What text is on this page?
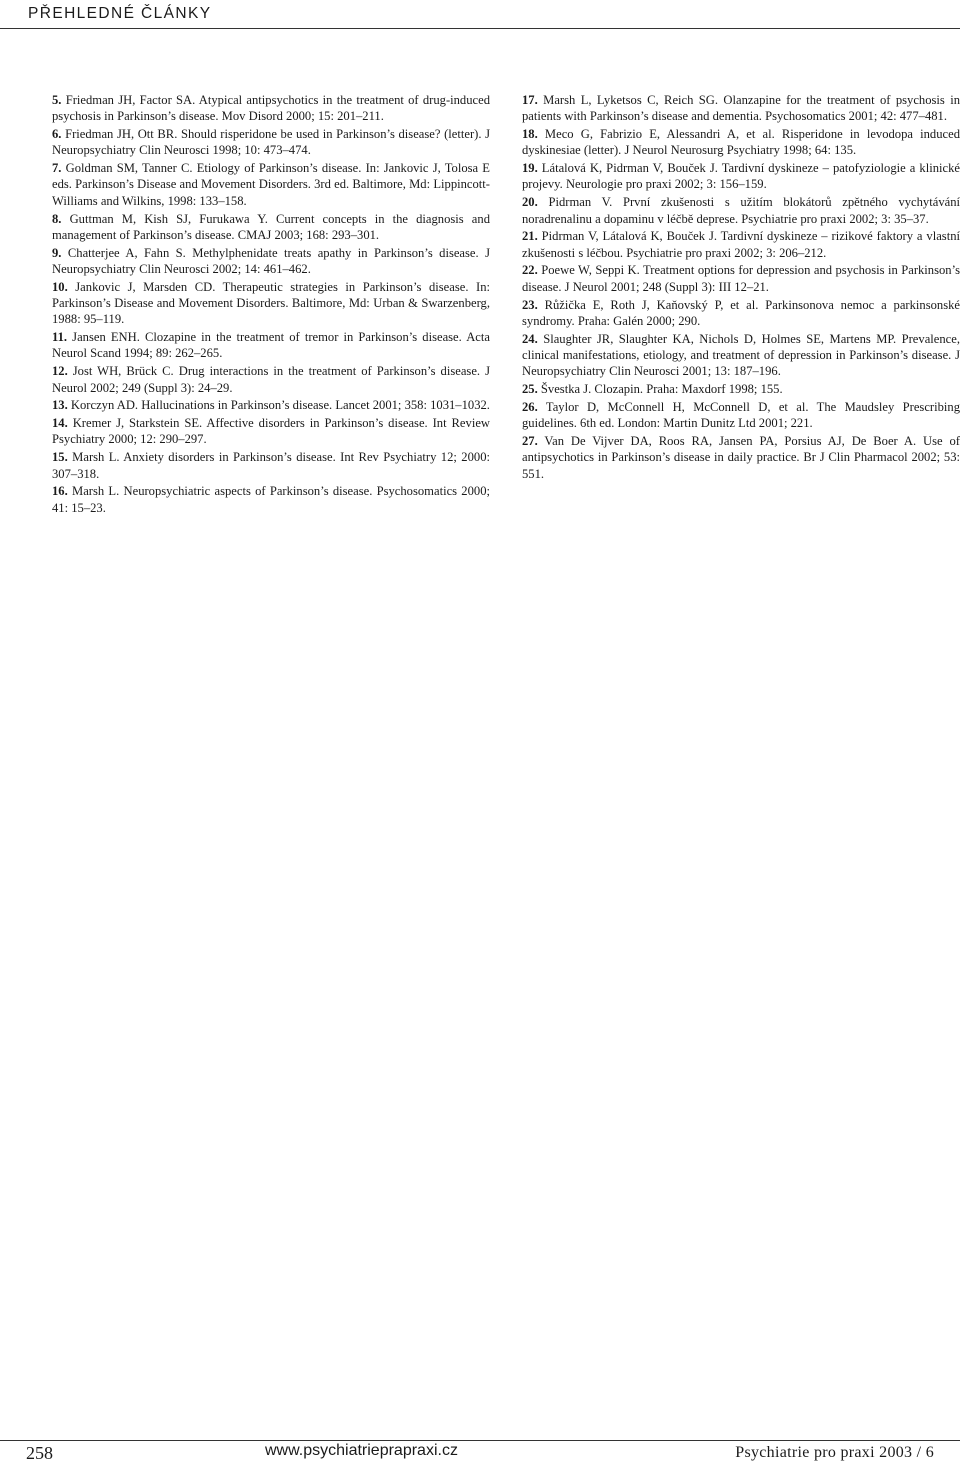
PŘEHLEDNÉ ČLÁNKY

5. Friedman JH, Factor SA. Atypical antipsychotics in the treatment of drug-induced psychosis in Parkinson’s disease. Mov Disord 2000; 15: 201–211.

6. Friedman JH, Ott BR. Should risperidone be used in Parkinson’s disease? (letter). J Neuropsychiatry Clin Neurosci 1998; 10: 473–474.

7. Goldman SM, Tanner C. Etiology of Parkinson’s disease. In: Jankovic J, Tolosa E eds. Parkinson’s Disease and Movement Disorders. 3rd ed. Baltimore, Md: Lippincott-Williams and Wilkins, 1998: 133–158.

8. Guttman M, Kish SJ, Furukawa Y. Current concepts in the diagnosis and management of Parkinson’s disease. CMAJ 2003; 168: 293–301.

9. Chatterjee A, Fahn S. Methylphenidate treats apathy in Parkinson’s disease. J Neuropsychiatry Clin Neurosci 2002; 14: 461–462.

10. Jankovic J, Marsden CD. Therapeutic strategies in Parkinson’s disease. In: Parkinson’s Disease and Movement Disorders. Baltimore, Md: Urban & Swarzenberg, 1988: 95–119.

11. Jansen ENH. Clozapine in the treatment of tremor in Parkinson’s disease. Acta Neurol Scand 1994; 89: 262–265.

12. Jost WH, Brück C. Drug interactions in the treatment of Parkinson’s disease. J Neurol 2002; 249 (Suppl 3): 24–29.

13. Korczyn AD. Hallucinations in Parkinson’s disease. Lancet 2001; 358: 1031–1032.

14. Kremer J, Starkstein SE. Affective disorders in Parkinson’s disease. Int Review Psychiatry 2000; 12: 290–297.

15. Marsh L. Anxiety disorders in Parkinson’s disease. Int Rev Psychiatry 12; 2000: 307–318.

16. Marsh L. Neuropsychiatric aspects of Parkinson’s disease. Psychosomatics 2000; 41: 15–23.

17. Marsh L, Lyketsos C, Reich SG. Olanzapine for the treatment of psychosis in patients with Parkinson’s disease and dementia. Psychosomatics 2001; 42: 477–481.

18. Meco G, Fabrizio E, Alessandri A, et al. Risperidone in levodopa induced dyskinesiae (letter). J Neurol Neurosurg Psychiatry 1998; 64: 135.

19. Látalová K, Pidrman V, Bouček J. Tardivní dyskineze – patofyziologie a klinické projevy. Neurologie pro praxi 2002; 3: 156–159.

20. Pidrman V. První zkušenosti s užitím blokátorů zpětného vychytávání noradrenalinu a dopaminu v léčbě deprese. Psychiatrie pro praxi 2002; 3: 35–37.

21. Pidrman V, Látalová K, Bouček J. Tardivní dyskineze – rizikové faktory a vlastní zkušenosti s léčbou. Psychiatrie pro praxi 2002; 3: 206–212.

22. Poewe W, Seppi K. Treatment options for depression and psychosis in Parkinson’s disease. J Neurol 2001; 248 (Suppl 3): III 12–21.

23. Růžička E, Roth J, Kaňovský P, et al. Parkinsonova nemoc a parkinsonské syndromy. Praha: Galén 2000; 290.

24. Slaughter JR, Slaughter KA, Nichols D, Holmes SE, Martens MP. Prevalence, clinical manifestations, etiology, and treatment of depression in Parkinson’s disease. J Neuropsychiatry Clin Neurosci 2001; 13: 187–196.

25. Švestka J. Clozapin. Praha: Maxdorf 1998; 155.

26. Taylor D, McConnell H, McConnell D, et al. The Maudsley Prescribing guidelines. 6th ed. London: Martin Dunitz Ltd 2001; 221.

27. Van De Vijver DA, Roos RA, Jansen PA, Porsius AJ, De Boer A. Use of antipsychotics in Parkinson’s disease in daily practice. Br J Clin Pharmacol 2002; 53: 551.

258	www.psychiatrieprapraxi.cz	Psychiatrie pro praxi 2003 / 6
